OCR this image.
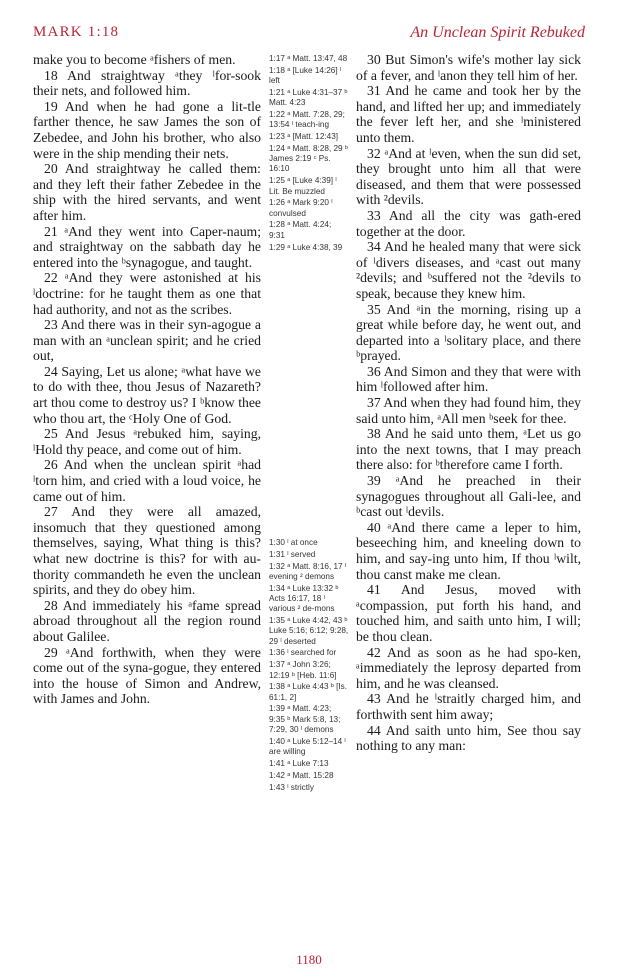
MARK 1:18	An Unclean Spirit Rebuked

make you to become ᵃfishers of men.

18 And straightway ᵃthey ˡfor-sook their nets, and followed him.

19 And when he had gone a lit-tle farther thence, he saw James the son of Zebedee, and John his brother, who also were in the ship mending their nets.

20 And straightway he called them: and they left their father Zebedee in the ship with the hired servants, and went after him.

21 ᵃAnd they went into Caper-naum; and straightway on the sabbath day he entered into the ᵇsynagogue, and taught.

22 ᵃAnd they were astonished at his ˡdoctrine: for he taught them as one that had authority, and not as the scribes.

23 And there was in their syn-agogue a man with an ᵃunclean spirit; and he cried out,

24 Saying, Let us alone; ᵃwhat have we to do with thee, thou Jesus of Nazareth? art thou come to destroy us? I ᵇknow thee who thou art, the ᶜHoly One of God.

25 And Jesus ᵃrebuked him, saying, ˡHold thy peace, and come out of him.

26 And when the unclean spirit ᵃhad ˡtorn him, and cried with a loud voice, he came out of him.

27 And they were all amazed, insomuch that they questioned among themselves, saying, What thing is this? what new doctrine is this? for with au-thority commandeth he even the unclean spirits, and they do obey him.

28 And immediately his ᵃfame spread abroad throughout all the region round about Galilee.

29 ᵃAnd forthwith, when they were come out of the syna-gogue, they entered into the house of Simon and Andrew, with James and John.

1:17 ᵃ Matt. 13:47, 48
1:18 ᵃ [Luke 14:26] ˡ left
1:21 ᵃ Luke 4:31–37 ᵇ Matt. 4:23
1:22 ᵃ Matt. 7:28, 29; 13:54 ˡ teach-ing
1:23 ᵃ [Matt. 12:43]
1:24 ᵃ Matt. 8:28, 29 ᵇ James 2:19 ᶜ Ps. 16:10
1:25 ᵃ [Luke 4:39] ˡ Lit. Be muzzled
1:26 ᵃ Mark 9:20 ˡ convulsed
1:28 ᵃ Matt. 4:24; 9:31
1:29 ᵃ Luke 4:38, 39
1:30 ˡ at once
1:31 ˡ served
1:32 ᵃ Matt. 8:16, 17 ˡ evening ² demons
1:34 ᵃ Luke 13:32 ᵇ Acts 16:17, 18 ˡ various ² de-mons
1:35 ᵃ Luke 4:42, 43 ᵇ Luke 5:16; 6:12; 9:28, 29 ˡ deserted
1:36 ˡ searched for
1:37 ᵃ John 3:26; 12:19 ᵇ [Heb. 11:6]
1:38 ᵃ Luke 4:43 ᵇ [Is. 61:1, 2]
1:39 ᵃ Matt. 4:23; 9:35 ᵇ Mark 5:8, 13; 7:29, 30 ˡ demons
1:40 ᵃ Luke 5:12–14 ˡ are willing
1:41 ᵃ Luke 7:13
1:42 ᵃ Matt. 15:28
1:43 ˡ strictly

30 But Simon's wife's mother lay sick of a fever, and ˡanon they tell him of her.

31 And he came and took her by the hand, and lifted her up; and immediately the fever left her, and she ˡministered unto them.

32 ᵃAnd at ˡeven, when the sun did set, they brought unto him all that were diseased, and them that were possessed with ²devils.

33 And all the city was gath-ered together at the door.

34 And he healed many that were sick of ˡdivers diseases, and ᵃcast out many ²devils; and ᵇsuffered not the ²devils to speak, because they knew him.

35 And ᵃin the morning, rising up a great while before day, he went out, and departed into a ˡsolitary place, and there ᵇprayed.

36 And Simon and they that were with him ˡfollowed after him.

37 And when they had found him, they said unto him, ᵃAll men ᵇseek for thee.

38 And he said unto them, ᵃLet us go into the next towns, that I may preach there also: for ᵇtherefore came I forth.

39 ᵃAnd he preached in their synagogues throughout all Gali-lee, and ᵇcast out ˡdevils.

40 ᵃAnd there came a leper to him, beseeching him, and kneeling down to him, and say-ing unto him, If thou ˡwilt, thou canst make me clean.

41 And Jesus, moved with ᵃcompassion, put forth his hand, and touched him, and saith unto him, I will; be thou clean.

42 And as soon as he had spo-ken, ᵃimmediately the leprosy departed from him, and he was cleansed.

43 And he ˡstraitly charged him, and forthwith sent him away;

44 And saith unto him, See thou say nothing to any man:

1180
